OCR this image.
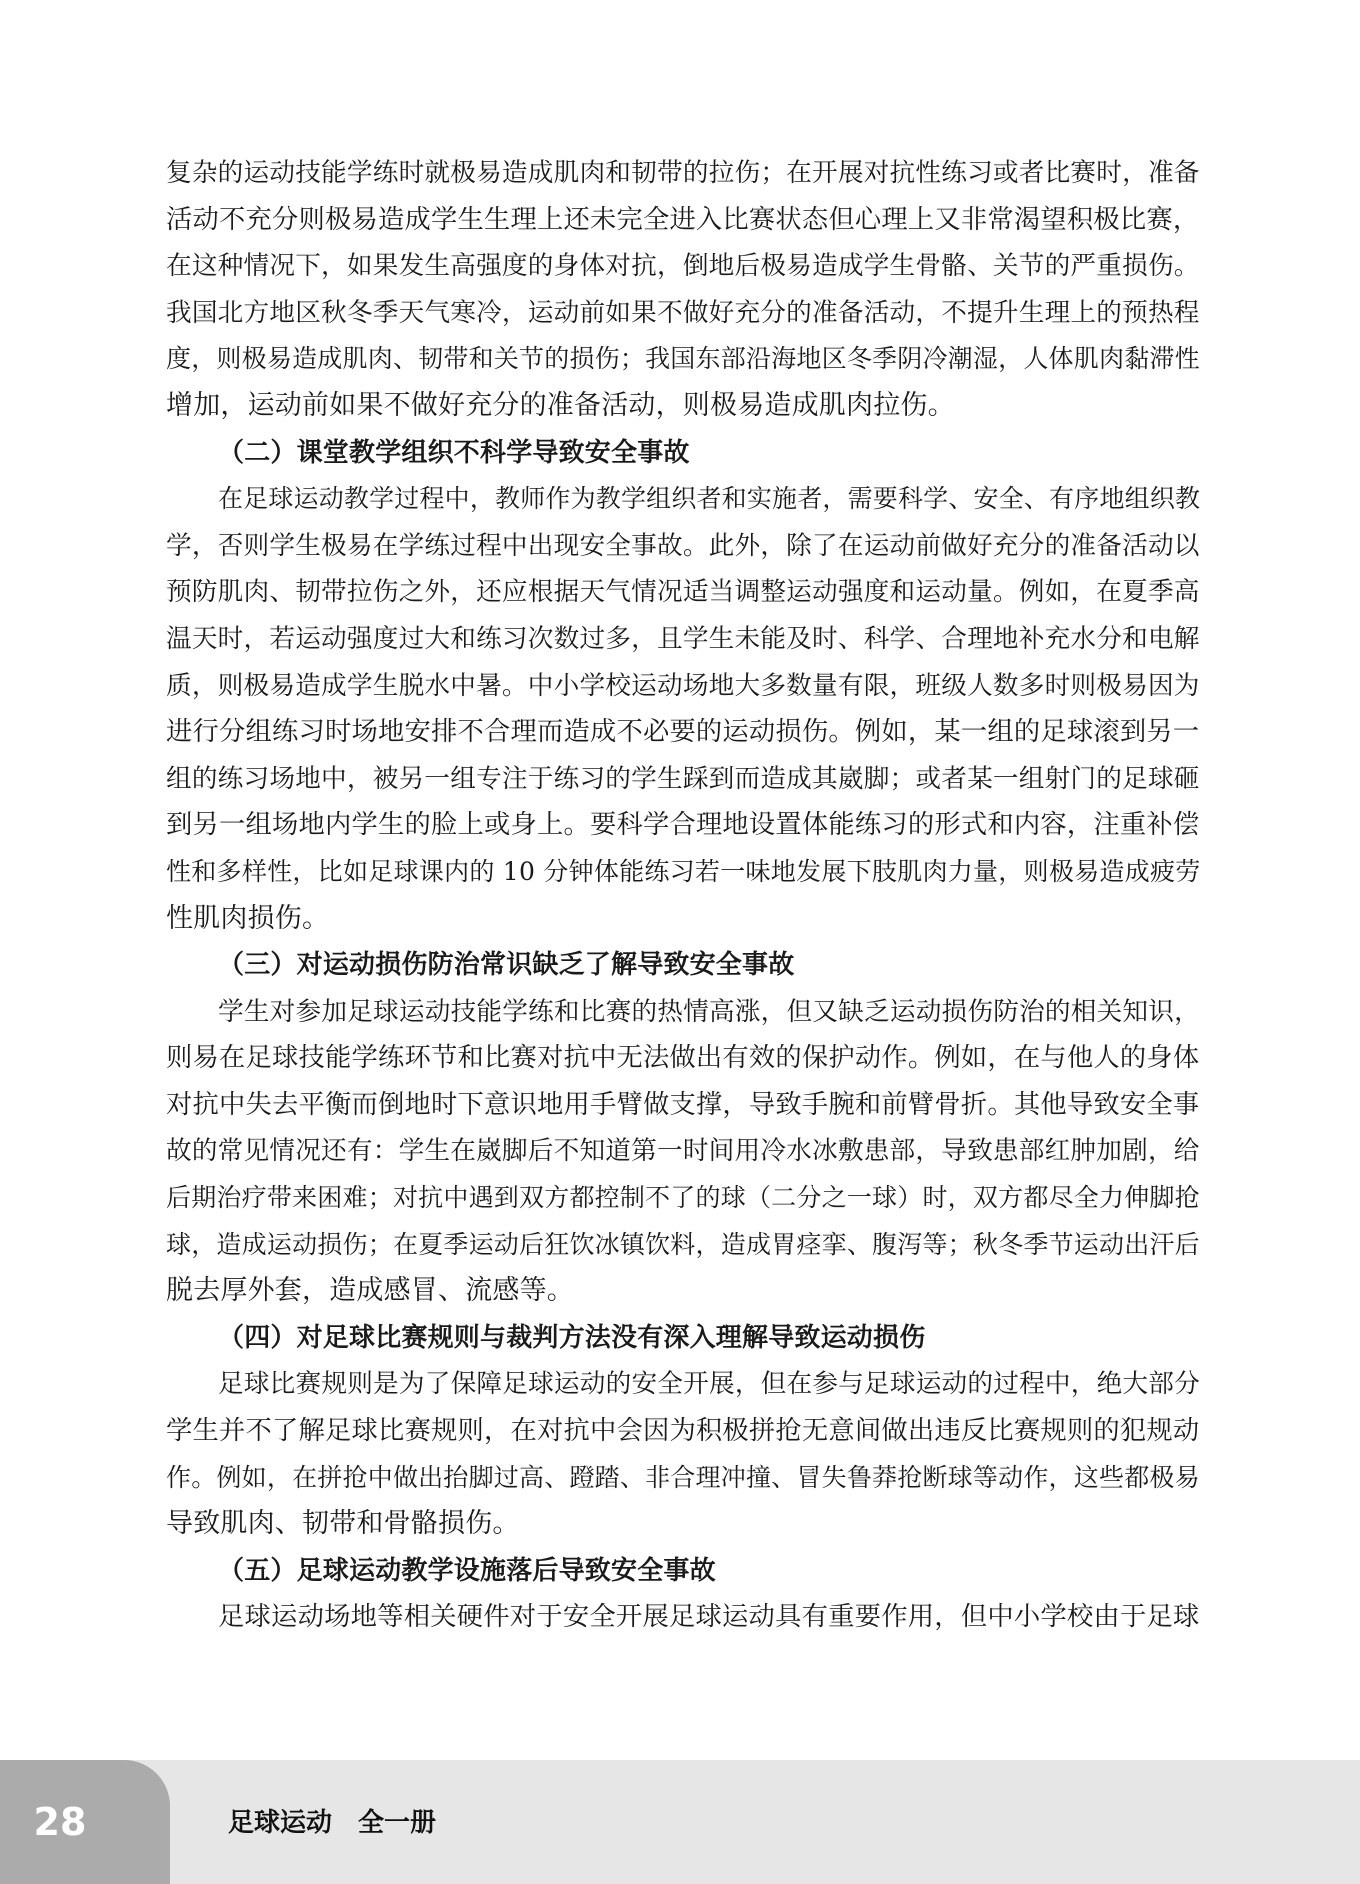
复杂的运动技能学练时就极易造成肌肉和韧带的拉伤；在开展对抗性练习或者比赛时，准备

活动不充分则极易造成学生生理上还未完全进入比赛状态但心理上又非常渴望积极比赛，

在这种情况下，如果发生高强度的身体对抗，倒地后极易造成学生骨骼、关节的严重损伤。

我国北方地区秋冬季天气寒冷，运动前如果不做好充分的准备活动，不提升生理上的预热程

度，则极易造成肌肉、韧带和关节的损伤；我国东部沿海地区冬季阴冷潮湿，人体肌肉黏滞性

增加，运动前如果不做好充分的准备活动，则极易造成肌肉拉伤。

（二）课堂教学组织不科学导致安全事故

在足球运动教学过程中，教师作为教学组织者和实施者，需要科学、安全、有序地组织教

学，否则学生极易在学练过程中出现安全事故。此外，除了在运动前做好充分的准备活动以

预防肌肉、韧带拉伤之外，还应根据天气情况适当调整运动强度和运动量。例如，在夏季高

温天时，若运动强度过大和练习次数过多，且学生未能及时、科学、合理地补充水分和电解

质，则极易造成学生脱水中暑。中小学校运动场地大多数量有限，班级人数多时则极易因为

进行分组练习时场地安排不合理而造成不必要的运动损伤。例如，某一组的足球滚到另一

组的练习场地中，被另一组专注于练习的学生踩到而造成其崴脚；或者某一组射门的足球砸

到另一组场地内学生的脸上或身上。要科学合理地设置体能练习的形式和内容，注重补偿

性和多样性，比如足球课内的 10 分钟体能练习若一味地发展下肢肌肉力量，则极易造成疲劳

性肌肉损伤。

（三）对运动损伤防治常识缺乏了解导致安全事故

学生对参加足球运动技能学练和比赛的热情高涨，但又缺乏运动损伤防治的相关知识，

则易在足球技能学练环节和比赛对抗中无法做出有效的保护动作。例如，在与他人的身体

对抗中失去平衡而倒地时下意识地用手臂做支撑，导致手腕和前臂骨折。其他导致安全事

故的常见情况还有：学生在崴脚后不知道第一时间用冷水冰敷患部，导致患部红肿加剧，给

后期治疗带来困难；对抗中遇到双方都控制不了的球（二分之一球）时，双方都尽全力伸脚抢

球，造成运动损伤；在夏季运动后狂饮冰镇饮料，造成胃痉挛、腹泻等；秋冬季节运动出汗后

脱去厚外套，造成感冒、流感等。

（四）对足球比赛规则与裁判方法没有深入理解导致运动损伤

足球比赛规则是为了保障足球运动的安全开展，但在参与足球运动的过程中，绝大部分

学生并不了解足球比赛规则，在对抗中会因为积极拼抢无意间做出违反比赛规则的犯规动

作。例如，在拼抢中做出抬脚过高、蹬踏、非合理冲撞、冒失鲁莽抢断球等动作，这些都极易

导致肌肉、韧带和骨骼损伤。

（五）足球运动教学设施落后导致安全事故

足球运动场地等相关硬件对于安全开展足球运动具有重要作用，但中小学校由于足球

28	足球运动　全一册
